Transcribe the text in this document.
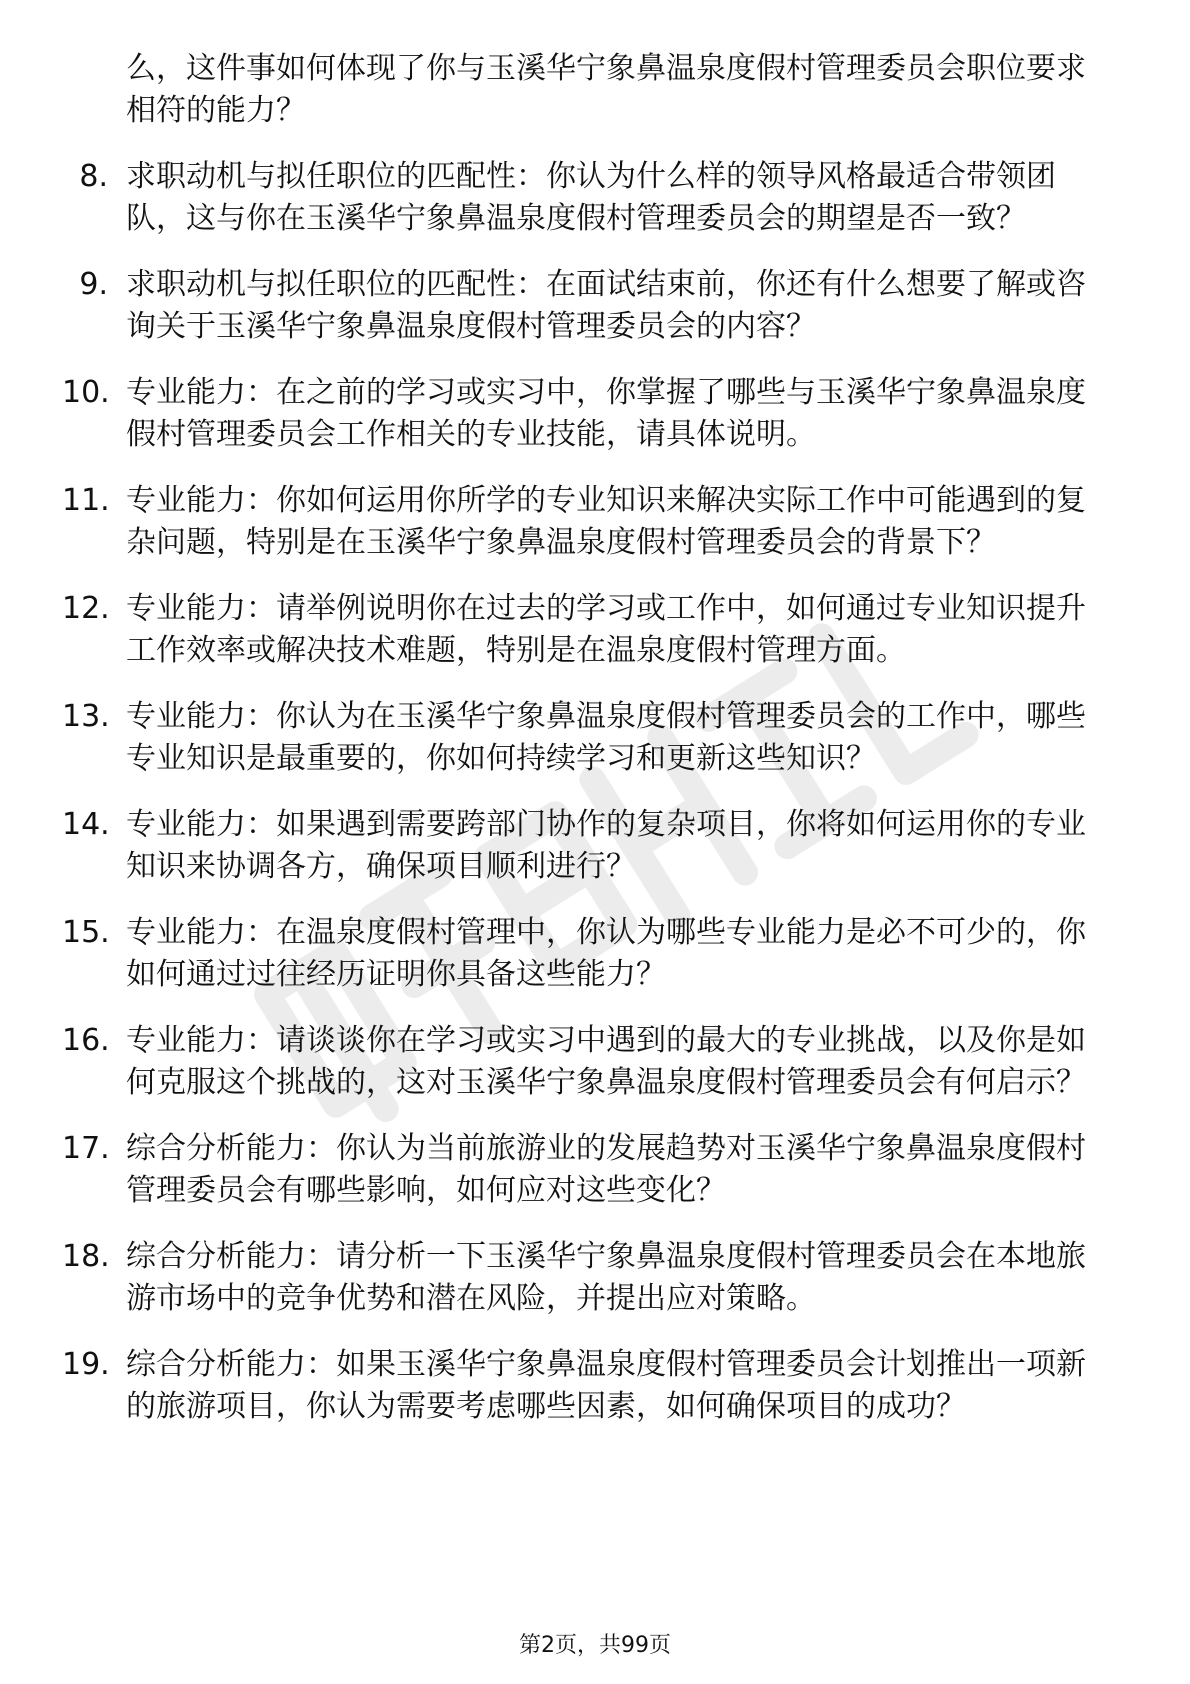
么，这件事如何体现了你与玉溪华宁象鼻温泉度假村管理委员会职位要求相符的能力？
8. 求职动机与拟任职位的匹配性：你认为什么样的领导风格最适合带领团队，这与你在玉溪华宁象鼻温泉度假村管理委员会的期望是否一致？
9. 求职动机与拟任职位的匹配性：在面试结束前，你还有什么想要了解或咨询关于玉溪华宁象鼻温泉度假村管理委员会的内容？
10. 专业能力：在之前的学习或实习中，你掌握了哪些与玉溪华宁象鼻温泉度假村管理委员会工作相关的专业技能，请具体说明。
11. 专业能力：你如何运用你所学的专业知识来解决实际工作中可能遇到的复杂问题，特别是在玉溪华宁象鼻温泉度假村管理委员会的背景下？
12. 专业能力：请举例说明你在过去的学习或工作中，如何通过专业知识提升工作效率或解决技术难题，特别是在温泉度假村管理方面。
13. 专业能力：你认为在玉溪华宁象鼻温泉度假村管理委员会的工作中，哪些专业知识是最重要的，你如何持续学习和更新这些知识？
14. 专业能力：如果遇到需要跨部门协作的复杂项目，你将如何运用你的专业知识来协调各方，确保项目顺利进行？
15. 专业能力：在温泉度假村管理中，你认为哪些专业能力是必不可少的，你如何通过过往经历证明你具备这些能力？
16. 专业能力：请谈谈你在学习或实习中遇到的最大的专业挑战，以及你是如何克服这个挑战的，这对玉溪华宁象鼻温泉度假村管理委员会有何启示？
17. 综合分析能力：你认为当前旅游业的发展趋势对玉溪华宁象鼻温泉度假村管理委员会有哪些影响，如何应对这些变化？
18. 综合分析能力：请分析一下玉溪华宁象鼻温泉度假村管理委员会在本地旅游市场中的竞争优势和潜在风险，并提出应对策略。
19. 综合分析能力：如果玉溪华宁象鼻温泉度假村管理委员会计划推出一项新的旅游项目，你认为需要考虑哪些因素，如何确保项目的成功？
第2页，共99页
